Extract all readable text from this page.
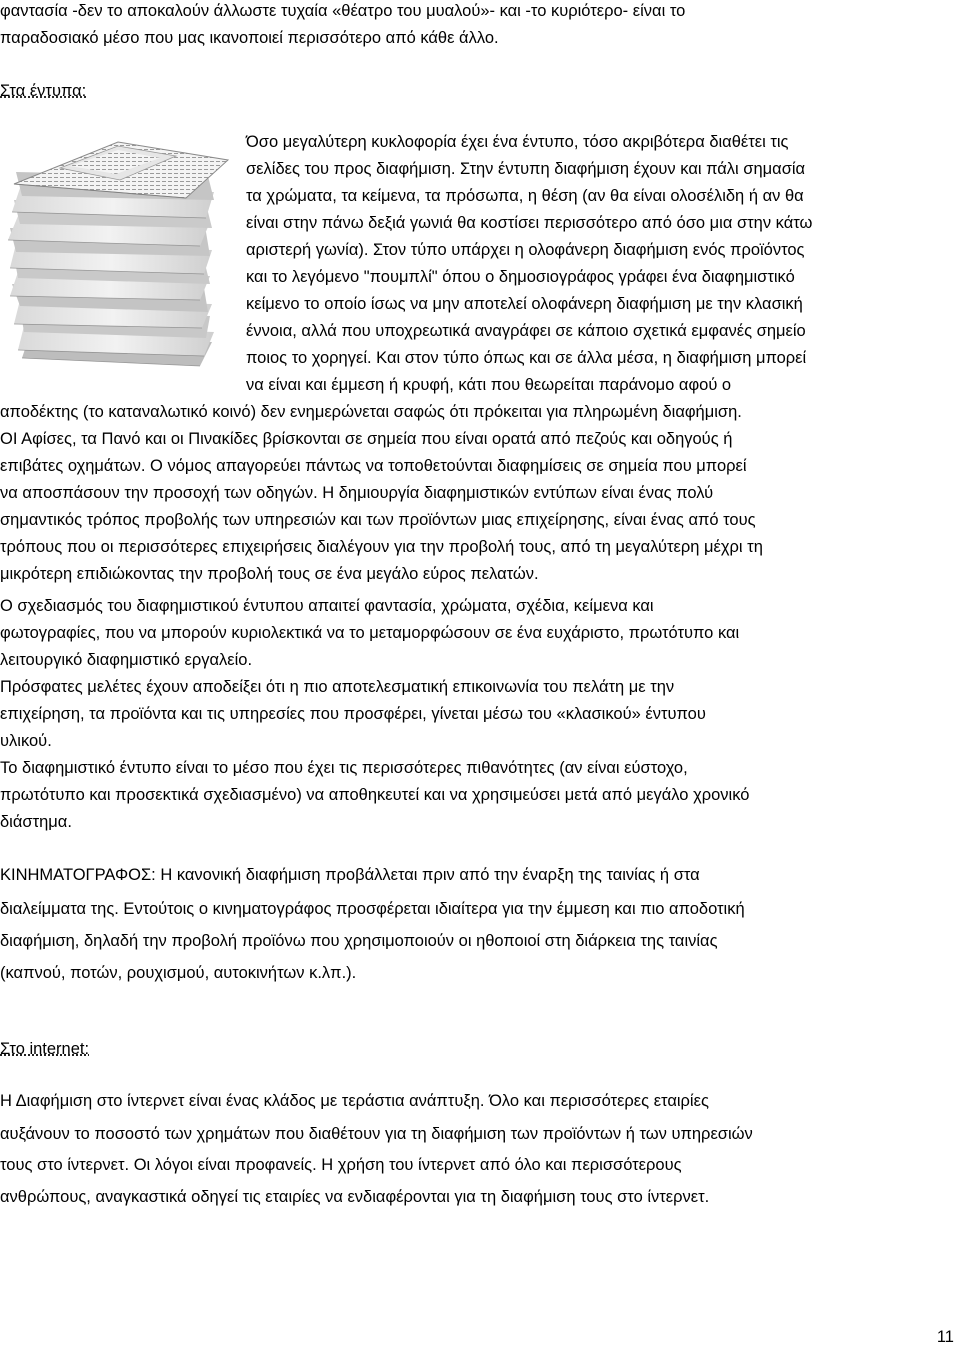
φαντασία -δεν το αποκαλούν άλλωστε τυχαία «θέατρο του μυαλού»- και -το κυριότερο- είναι το
παραδοσιακό μέσο που μας ικανοποιεί περισσότερο από κάθε άλλο.
Στα έντυπα:
Όσο μεγαλύτερη κυκλοφορία έχει ένα έντυπο, τόσο ακριβότερα διαθέτει τις
σελίδες του προς διαφήμιση. Στην έντυπη διαφήμιση έχουν και πάλι σημασία
τα χρώματα, τα κείμενα, τα πρόσωπα, η θέση (αν θα είναι ολοσέλιδη ή αν θα
είναι στην πάνω δεξιά γωνιά θα κοστίσει περισσότερο από όσο μια στην κάτω
αριστερή γωνία). Στον τύπο υπάρχει η ολοφάνερη διαφήμιση ενός προϊόντος
και το λεγόμενο "πουμπλί" όπου ο δημοσιογράφος γράφει ένα διαφημιστικό
κείμενο το οποίο ίσως να μην αποτελεί ολοφάνερη διαφήμιση με την κλασική
έννοια, αλλά που υποχρεωτικά αναγράφει σε κάποιο σχετικά εμφανές σημείο
ποιος το χορηγεί. Και στον τύπο όπως και σε άλλα μέσα, η διαφήμιση μπορεί
να είναι και έμμεση ή κρυφή, κάτι που θεωρείται παράνομο αφού ο
αποδέκτης (το καταναλωτικό κοινό) δεν ενημερώνεται σαφώς ότι πρόκειται για πληρωμένη διαφήμιση.
ΟΙ Αφίσες, τα Πανό και οι Πινακίδες βρίσκονται σε σημεία που είναι ορατά από πεζούς και οδηγούς ή
επιβάτες οχημάτων. Ο νόμος απαγορεύει πάντως να τοποθετούνται διαφημίσεις σε σημεία που μπορεί
να αποσπάσουν την προσοχή των οδηγών. Η δημιουργία διαφημιστικών εντύπων είναι ένας πολύ
σημαντικός τρόπος προβολής των υπηρεσιών και των προϊόντων μιας επιχείρησης, είναι ένας από τους
τρόπους που οι περισσότερες επιχειρήσεις διαλέγουν για την προβολή τους, από τη μεγαλύτερη μέχρι τη
μικρότερη επιδιώκοντας την προβολή τους σε ένα μεγάλο εύρος πελατών.
Ο σχεδιασμός του διαφημιστικού έντυπου απαιτεί φαντασία, χρώματα, σχέδια, κείμενα και
φωτογραφίες, που να μπορούν κυριολεκτικά να το μεταμορφώσουν σε ένα ευχάριστο, πρωτότυπο και
λειτουργικό διαφημιστικό εργαλείο.
Πρόσφατες μελέτες έχουν αποδείξει ότι η πιο αποτελεσματική επικοινωνία του πελάτη με την
επιχείρηση, τα προϊόντα και τις υπηρεσίες που προσφέρει, γίνεται μέσω του «κλασικού» έντυπου
υλικού.
Το διαφημιστικό έντυπο είναι το μέσο που έχει τις περισσότερες πιθανότητες (αν είναι εύστοχο,
πρωτότυπο και προσεκτικά σχεδιασμένο) να αποθηκευτεί και να χρησιμεύσει μετά από μεγάλο χρονικό
διάστημα.
ΚΙΝΗΜΑΤΟΓΡΑΦΟΣ: Η κανονική διαφήμιση προβάλλεται πριν από την έναρξη της ταινίας ή στα
διαλείμματα της. Εντούτοις ο κινηματογράφος προσφέρεται ιδιαίτερα για την έμμεση και πιο αποδοτική
διαφήμιση, δηλαδή την προβολή προϊόνω που χρησιμοποιούν οι ηθοποιοί στη διάρκεια της ταινίας
(καπνού, ποτών, ρουχισμού, αυτοκινήτων κ.λπ.).
Στο internet:
Η Διαφήμιση στο ίντερνετ είναι ένας κλάδος με τεράστια ανάπτυξη. Όλο και περισσότερες εταιρίες
αυξάνουν το ποσοστό των χρημάτων που διαθέτουν για τη διαφήμιση των προϊόντων ή των υπηρεσιών
τους στο ίντερνετ. Οι λόγοι είναι προφανείς. Η χρήση του ίντερνετ από όλο και περισσότερους
ανθρώπους, αναγκαστικά οδηγεί τις εταιρίες να ενδιαφέρονται για τη διαφήμιση τους στο ίντερνετ.
11
